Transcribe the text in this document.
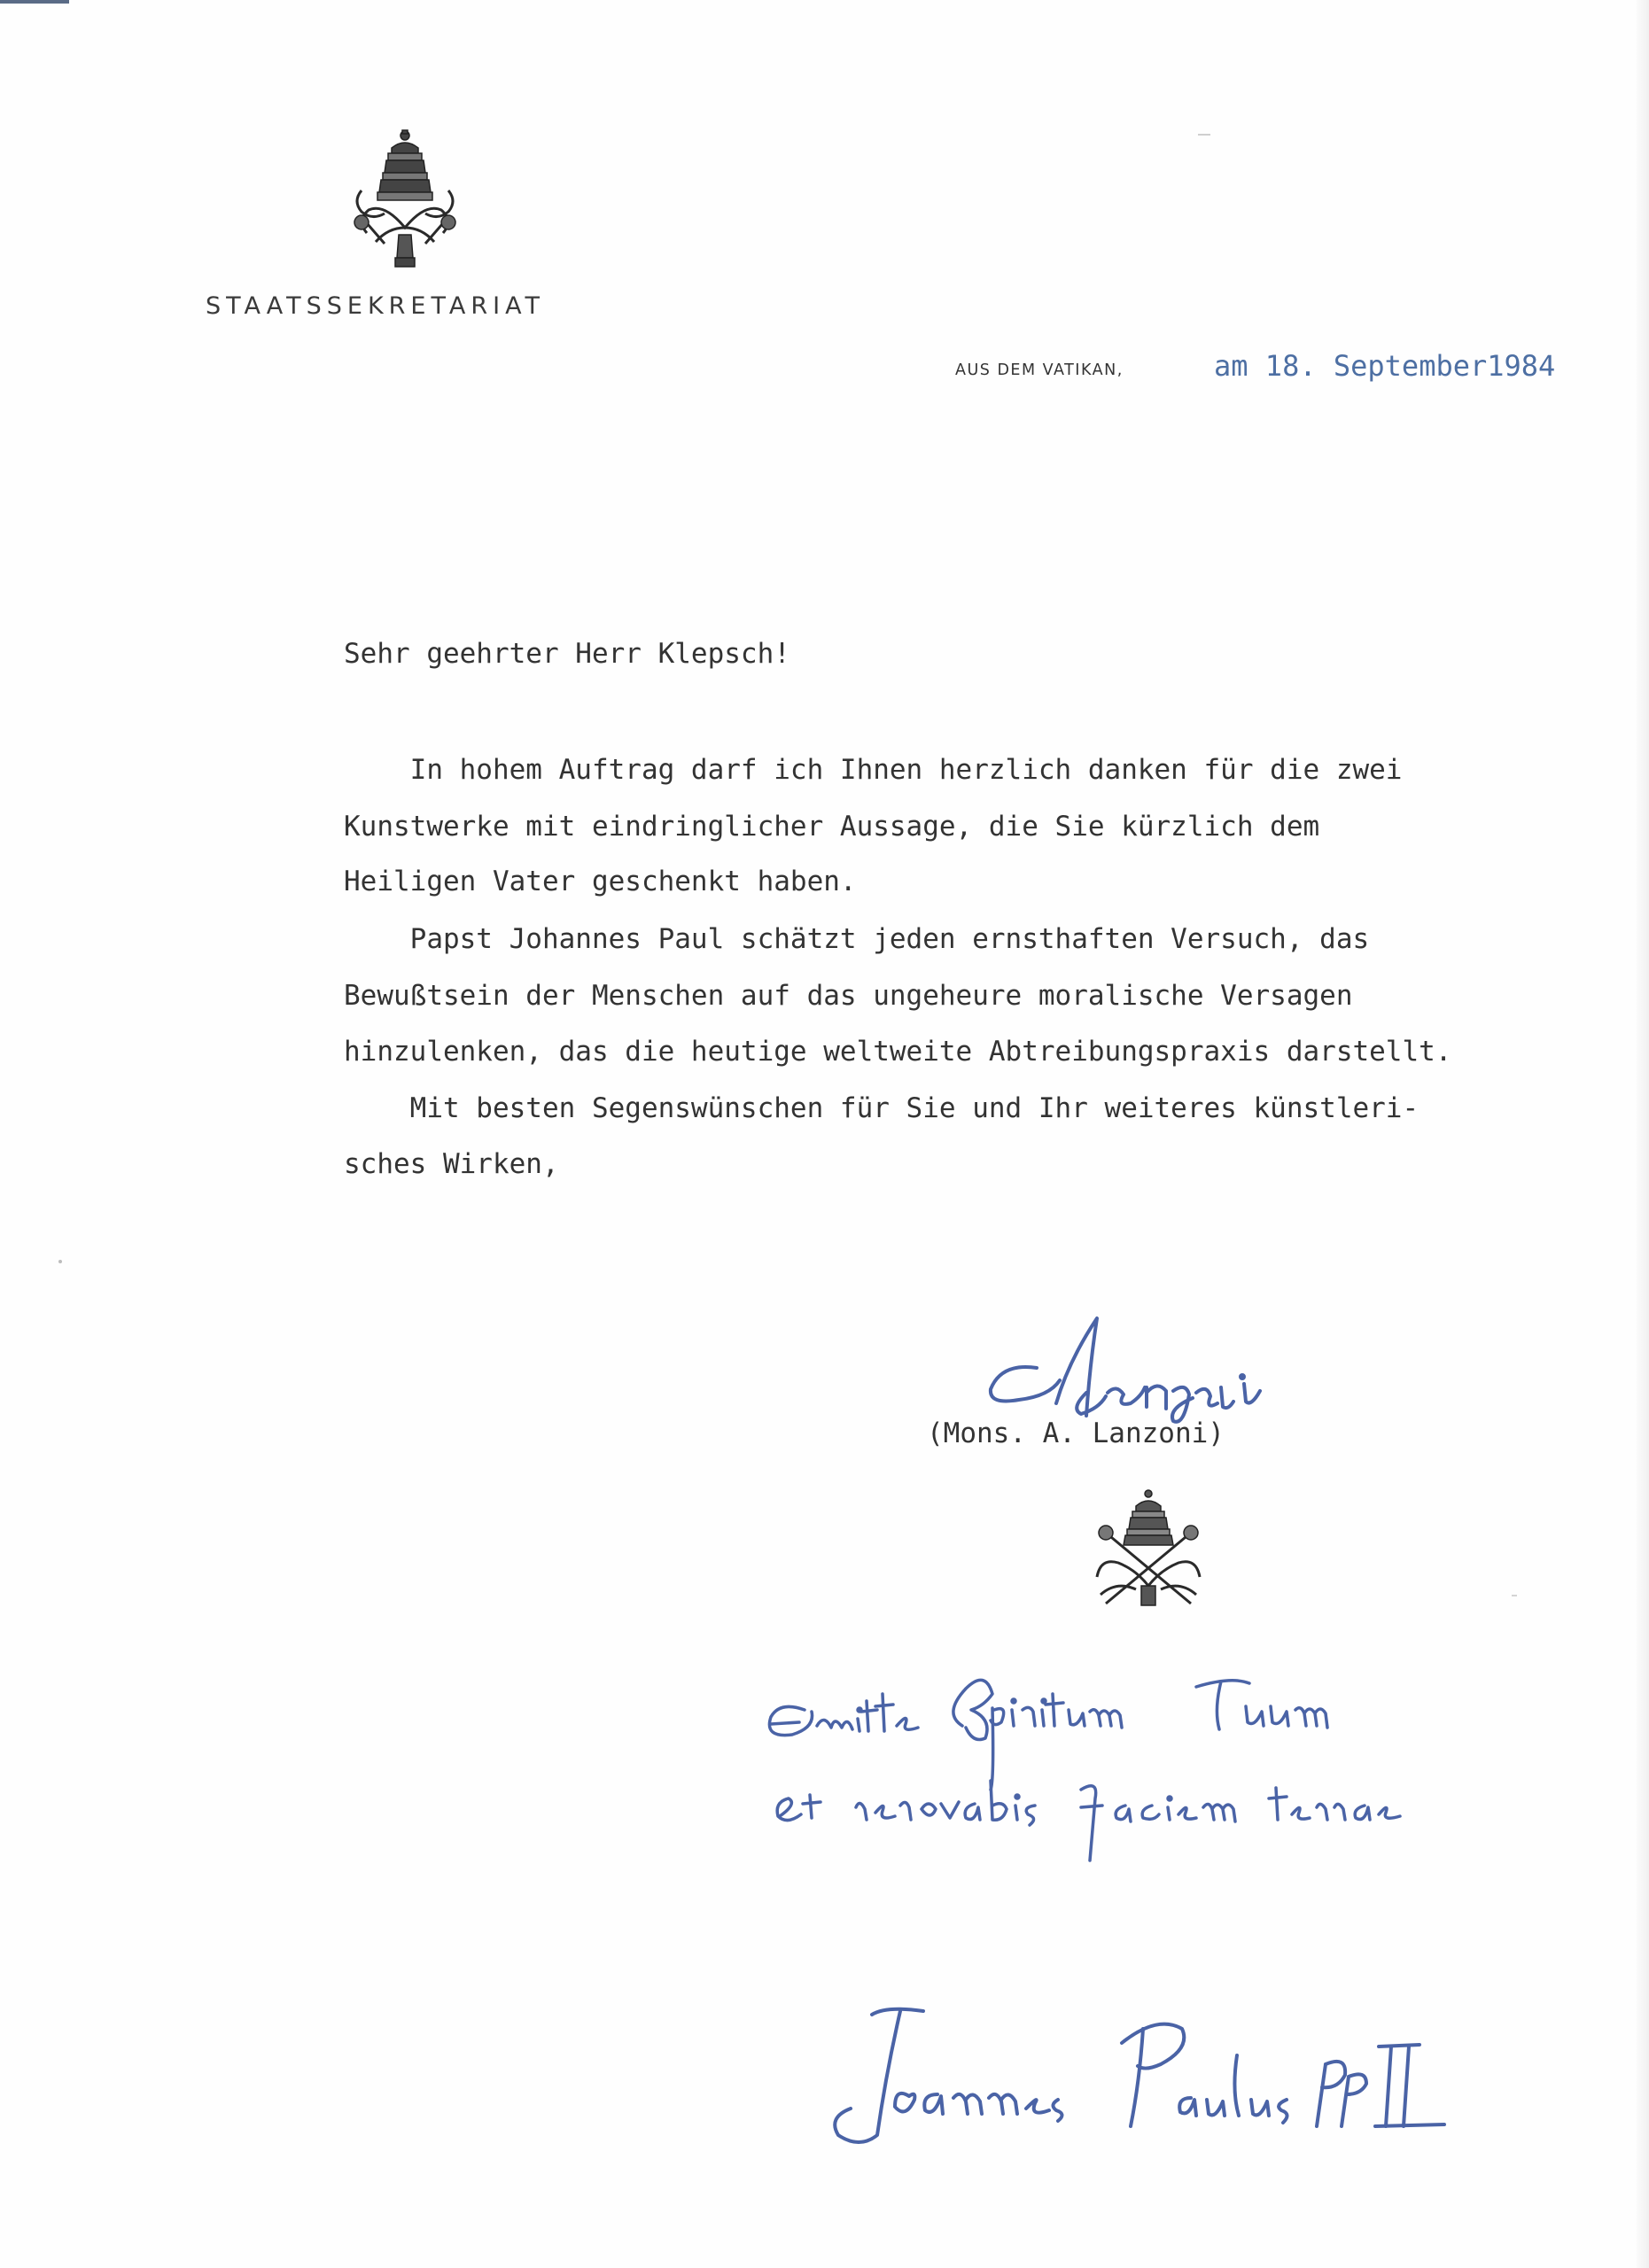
STAATSSEKRETARIAT
AUS DEM VATIKAN,	am 18. September1984
Sehr geehrter Herr Klepsch!
In hohem Auftrag darf ich Ihnen herzlich danken für die zwei
Kunstwerke mit eindringlicher Aussage, die Sie kürzlich dem
Heiligen Vater geschenkt haben.
Papst Johannes Paul schätzt jeden ernsthaften Versuch, das
Bewußtsein der Menschen auf das ungeheure moralische Versagen
hinzulenken, das die heutige weltweite Abtreibungspraxis darstellt.
Mit besten Segenswünschen für Sie und Ihr weiteres künstleri-
sches Wirken,
(Mons. A. Lanzoni)
